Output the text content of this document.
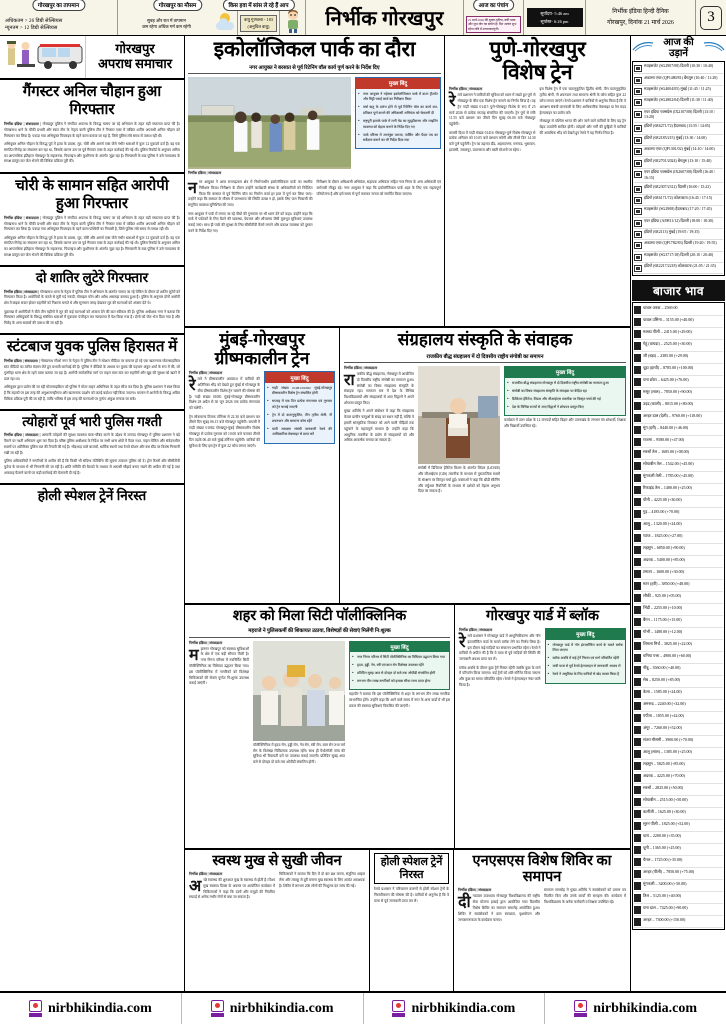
गोरखपुर का तापमान
अधिकतम > 26 डिग्री सेल्सियस
न्यूनतम > 12 डिग्री सेल्सियस
गोरखपुर का मौसम
सुबह और रात में तापमान
कम रहेगा अधिक गर्म कम रहेगी
किस हवा में सांस ले रहे हैं आप
वायु गुणवत्ता - 183
(अनुचित वायु)	निर्भीक गोरखपुर
आज का पंचांग
21 मार्च 2026 की शुक्ल तृतीया, वर्षी नक्षत्र और शुभ योग का संयोग है। दिन अत्यंत शुभ रहेगा रात्रि में उत्तराफाल्गुनी।
सूर्योदय- 5:46 am
सूर्यास्त- 6:26 pm
निर्भीक इंडिया हिन्दी दैनिक
गोरखपुर, दिनांक 21 मार्च 2026	3
गोरखपुर
अपराध समाचार
गैंगस्टर अनिल चौहान हुआ गिरफ्तार

निर्भीक इंडिया | संवाददाता | गोरखपुर पुलिस ने संगठित अपराध के विरुद्ध चलाए जा रहे अभियान के तहत बड़ी सफलता प्राप्त की है। गोरखनाथ थाने के चौकी प्रभारी और स्वाट टीम के नेतृत्व वाली पुलिस टीम ने गैंगस्टर एक्ट में वांछित शातिर अपराधी अनिल चौहान को गिरफ्तार कर लिया है। पकड़ा गया अभियुक्त पिपराइच के रहने वाला बताया जा रहा है, जिसे पुलिस लंबे समय से तलाश रही थी।

अभियुक्त अनिल चौहान के विरुद्ध पूर्व में हत्या के प्रयास, लूट, चोरी और आर्म्स एक्ट जैसे गंभीर धाराओं में कुल 12 मुकदमे दर्ज हैं। वह एक संगठित गिरोह का संचालन कर रहा था, जिसके कारण उस पर पूर्व गैंगस्टर एक्ट के तहत कार्रवाई की गई थी। पुलिस रिकॉर्ड के अनुसार अनिल का आपराधिक इतिहास गोरखपुर के सहजनवा, पिपराइच और कुशीनगर के अंतर्गत जुड़ा रहा है। गिरफ्तारी के बाद पुलिस ने उसे न्यायालय के समक्ष प्रस्तुत कर जेल भेजने की विधिक प्रक्रिया पूरी की।

चोरी के सामान सहित आरोपी हुआ गिरफ्तार

निर्भीक इंडिया | संवाददाता | गोरखपुर पुलिस ने संगठित अपराध के विरुद्ध चलाए जा रहे अभियान के तहत बड़ी सफलता प्राप्त की है। गोरखनाथ थाने के चौकी प्रभारी और स्वाट टीम के नेतृत्व वाली पुलिस टीम ने गैंगस्टर एक्ट में वांछित शातिर अपराधी अनिल चौहान को गिरफ्तार कर लिया है। पकड़ा गया अभियुक्त पिपराइच के रहने वाला पश्चिमी का निवासी है, जिसे पुलिस लंबे समय से तलाश रही थी।

अभियुक्त अनिल चौहान के विरुद्ध पूर्व में हत्या के प्रयास, लूट, चोरी और आर्म्स एक्ट जैसे गंभीर धाराओं में कुल 12 मुकदमे दर्ज हैं। वह एक संगठित गिरोह का संचालन कर रहा था, जिसके कारण उस पर पूर्व गैंगस्टर एक्ट के तहत कार्रवाई की गई थी। पुलिस रिकॉर्ड के अनुसार अनिल का आपराधिक इतिहास गोरखपुर के सहजनवा, पिपराइच और कुशीनगर के अंतर्गत जुड़ा रहा है। गिरफ्तारी के बाद पुलिस ने उसे न्यायालय के समक्ष प्रस्तुत कर जेल भेजने की विधिक प्रक्रिया पूरी की।

दो शातिर लुटेरे गिरफ्तार

निर्भीक इंडिया | संवाददाता | गोरखनाथ थाना के नेतृत्व में पुलिस टीम ने अभियान के अंतर्गत चलाए जा रहे चेकिंग के दौरान दो शातिर लुटेरों को गिरफ्तार किया है। आरोपियों के कब्जे से लूटी गई नकदी, मोबाइल फोन और अवैध असलहा बरामद हुआ है। पुलिस के अनुसार दोनों आरोपी क्षेत्र में बाइक सवार होकर राहगीरों को निशाना बनाते थे और सुनसान जगह देखकर लूट की घटनाओं को अंजाम देते थे।

पूछताछ में आरोपियों ने बीते तीन महीनों में लूट की कई घटनाओं को अंजाम देने की बात स्वीकार की है। पुलिस अधीक्षक नगर ने बताया कि गिरफ्तार अभियुक्तों के विरुद्ध संबंधित धाराओं में मुकदमा पंजीकृत कर न्यायालय में पेश किया गया है। दोनों को जेल भेज दिया गया है और गिरोह के अन्य सदस्यों की तलाश की जा रही है।

स्टंटबाज युवक पुलिस हिरासत में

निर्भीक इंडिया | संवाददाता | गोरखनाथ सीओ नगर के नेतृत्व में पुलिस टीम ने सोशल मीडिया पर वायरल हो रहे एक खतरनाक मोटरसाइकिल स्टंट वीडियो का त्वरित संज्ञान लेते हुए प्रभावी कार्रवाई की है। पुलिस ने वीडियो के आधार पर युवक की पहचान अंकुर शर्मा के रूप में की, जो गुलरिहा थाना क्षेत्र के रहने वाला बताया जा रहा है। आरोपी सार्वजनिक मार्ग पर वाहन चला स्टंट कर राहगीरों और खुद की सुरक्षा को खतरे में डाल रहा था।

अभियुक्त द्वारा प्रयोग की जा रही मोटरसाइकिल को पुलिस ने मोटर वाहन अधिनियम के तहत सीज कर दिया है। पुलिस प्रशासन ने स्पष्ट किया है कि सड़कों पर इस तरह की अनुशासनहीनता और खतरनाक प्रदर्शन को कतई बर्दाश्त नहीं किया जाएगा। चालान में आरोपी के विरुद्ध अग्रिम विधिक प्रक्रिया पूरी की जा रही है, ताकि भविष्य में इस तरह की घटनाओं पर पूर्णतः अंकुश लगाया जा सके।

त्योहारों पूर्व भारी पुलिस गश्ती

निर्भीक इंडिया | संवाददाता | आगामी त्योहारों की सुरक्षा व्यवस्था चाक-चौबंद करने के उद्देश्य से जनपद गोरखपुर में पुलिस प्रशासन ने बड़े पैमाने पर गश्ती अभियान शुरू कर दिया है। वरिष्ठ पुलिस अधीक्षक के निर्देश पर सभी थाना क्षेत्रों में पैदल गश्त, वाहन चेकिंग और संवेदनशील स्थानों पर अतिरिक्त पुलिस बल की तैनाती की गई है। भीड़भाड़ वाले बाजारों, धार्मिक स्थलों तथा रेलवे स्टेशन और बस स्टैंड पर विशेष निगरानी रखी जा रही है।

पुलिस अधिकारियों ने नागरिकों से अपील की है कि किसी भी संदिग्ध गतिविधि की सूचना तत्काल पुलिस को दें। ड्रोन कैमरों और सीसीटीवी फुटेज के माध्यम से भी निगरानी की जा रही है। शांति समिति की बैठकों के माध्यम से आपसी सौहार्द बनाए रखने की अपील की गई है तथा अफवाह फैलाने वालों पर कड़ी कार्रवाई की चेतावनी दी गई है।

होली स्पेशल ट्रेनें निरस्त
इकोलॉजिकल पार्क का दौरा
नगर आयुक्त ने बरसात से पूर्व रिटेनिंग वॉल कार्य पूर्ण करने के निर्देश दिए
निर्भीक इंडिया | संवाददाता
मुख्य बिंदु
● नगर आयुक्त ने महेसरा इकोलॉजिकल पार्क में वाटर ट्रीटमेंट और मिट्टी भराई कार्य का निरीक्षण किया
● वर्षा ऋतु के प्रारंभ होने से पूर्व रिटेनिंग वॉल का कार्य शत-प्रतिशत पूर्ण कराने की अधिशासी अभियंता को चेतावनी दी
● राष्ट्रपुरी इलाके पार्क में लगी मेड का सुदृढ़ीकरण और लाइटिंग व्यवस्था को बेहतर बनाने के निर्देश दिए गए
● पार्क परिसर में आगंतुक प्लाजा, पार्किंग और पैदल पथ का सर्वेक्षण कराने का भी निर्देश दिया गया

नगर आयुक्त ने आज रामगढ़ताल क्षेत्र में निर्माणाधीन इकोलॉजिकल पार्क का स्थलीय निरीक्षण किया। निरीक्षण के दौरान उन्होंने कार्यदायी संस्था के अधिकारियों को निर्देशित किया कि बरसात से पूर्व रिटेनिंग वॉल का निर्माण कार्य हर हाल में पूर्ण कर लिया जाए। उन्होंने कहा कि बरसात के मौसम में जलभराव की स्थिति उत्पन्न न हो, इसके लिए जल निकासी की समुचित व्यवस्था सुनिश्चित की जाए।

नगर आयुक्त ने पार्क में लगाए जा रहे पौधों की गुणवत्ता पर भी ध्यान देने को कहा। उन्होंने कहा कि पार्क में पर्यटकों के लिए बैठने की व्यवस्था, पेयजल और शौचालय जैसी मूलभूत सुविधाएं उपलब्ध कराई जाएं। साथ ही पार्क की सुरक्षा के लिए सीसीटीवी कैमरे लगाने और प्रकाश व्यवस्था को दुरुस्त करने के निर्देश दिए गए।

निरीक्षण के दौरान अधिशासी अभियंता, सहायक अभियंता सहित नगर निगम के अन्य अधिकारी एवं कर्मचारी मौजूद रहे। नगर आयुक्त ने कहा कि इकोलॉजिकल पार्क शहर के लिए एक महत्वपूर्ण परियोजना है और इसे समय से पूर्ण कराकर जनता को समर्पित किया जाएगा।

पुणे-गोरखपुर
विशेष ट्रेन
निर्भीक इंडिया | संवाददाता

रेलवे प्रशासन ने यात्रियों की सुविधा को ध्यान में रखते हुए पुणे से गोरखपुर के बीच एक विशेष ट्रेन चलाने का निर्णय लिया है। यह ट्रेन गाड़ी संख्या 01415 पुणे-गोरखपुर विशेष के रूप में 25 मार्च 2026 से प्रत्येक सप्ताह संचालित की जाएगी। ट्रेन पुणे से रात्रि 11.55 बजे प्रस्थान कर तीसरे दिन सुबह 06.00 बजे गोरखपुर पहुंचेगी।

वापसी दिशा में गाड़ी संख्या 01416 गोरखपुर-पुणे विशेष गोरखपुर से प्रत्येक शनिवार को 10.05 बजे प्रस्थान करेगी और तीसरे दिन 14.30 बजे पुणे पहुंचेगी। ट्रेन का ठहराव दौंड, अहमदनगर, मनमाड, भुसावल, इटारसी, जबलपुर, प्रयागराज और बस्ती स्टेशनों पर रहेगा।

इस विशेष ट्रेन में एक वातानुकूलित द्वितीय श्रेणी, तीन वातानुकूलित तृतीय श्रेणी, नौ शयनयान तथा सामान्य श्रेणी के कोच सहित कुल 22 कोच लगाए जाएंगे। रेलवे प्रशासन ने यात्रियों से अनुरोध किया है कि वे आरक्षण संबंधी जानकारी के लिए आधिकारिक वेबसाइट या रेल मदद हेल्पलाइन का प्रयोग करें।

गोरखपुर से पश्चिम भारत की ओर जाने वाले यात्रियों के लिए यह ट्रेन बेहद उपयोगी साबित होगी। त्योहारों और गर्मी की छुट्टियों में यात्रियों की अत्यधिक भीड़ को देखते हुए रेलवे ने यह निर्णय लिया है।

मुंबई-गोरखपुर
ग्रीष्मकालीन ट्रेन
निर्भीक इंडिया | संवाददाता

रेलवे ने ग्रीष्मकालीन अवकाश में यात्रियों की अतिरिक्त भीड़ को देखते हुए मुंबई से गोरखपुर के बीच ग्रीष्मकालीन विशेष ट्रेन चलाने की घोषणा की है। गाड़ी संख्या 01081 मुंबई-गोरखपुर ग्रीष्मकालीन विशेष 28 अप्रैल से 30 जून 2026 तक प्रत्येक मंगलवार को चलेगी।

ट्रेन लोकमान्य तिलक टर्मिनस से 22.30 बजे प्रस्थान कर तीसरे दिन सुबह 06.15 बजे गोरखपुर पहुंचेगी। वापसी में गाड़ी संख्या 01082 गोरखपुर-मुंबई ग्रीष्मकालीन विशेष गोरखपुर से प्रत्येक गुरुवार को 10.00 बजे चलकर तीसरे दिन तड़के 00.40 बजे मुंबई टर्मिनस पहुंचेगी। यात्रियों की सुविधा के लिए इस ट्रेन में कुल 22 कोच लगाए जाएंगे।

मुख्य बिंदु
● गाड़ी संख्या 01081/01082 मुंबई-गोरखपुर ग्रीष्मकालीन विशेष ट्रेन संचालित होगी
● सप्ताह में एक दिन प्रत्येक मंगलवार एवं गुरुवार को ट्रेन चलाई जाएगी
● ट्रेन में दो वातानुकूलित, तीन तृतीय श्रेणी, नौ शयनयान और सामान्य कोच रहेंगे
● यात्री आरक्षण संबंधी जानकारी रेलवे की आधिकारिक वेबसाइट से प्राप्त करें
संग्रहालय संस्कृति के संवाहक
राजकीय बौद्ध संग्रहालय में दो दिवसीय राष्ट्रीय संगोष्ठी का समापन
निर्भीक इंडिया | संवाददाता

राजकीय बौद्ध संग्रहालय, गोरखपुर में आयोजित दो दिवसीय राष्ट्रीय संगोष्ठी का समापन हुआ। संगोष्ठी का विषय संग्रहालय संस्कृति के संवाहक रहा। समापन सत्र में देश के विभिन्न विश्वविद्यालयों और संग्रहालयों से आए विद्वानों ने अपने शोधपत्र प्रस्तुत किए।

मुख्य अतिथि ने अपने संबोधन में कहा कि संग्रहालय केवल प्राचीन वस्तुओं के संग्रह का स्थान नहीं हैं, बल्कि वे हमारी सांस्कृतिक विरासत को आने वाली पीढ़ियों तक पहुंचाने के महत्वपूर्ण माध्यम हैं। उन्होंने कहा कि आधुनिक तकनीक के प्रयोग से संग्रहालयों को और अधिक आकर्षक बनाया जा सकता है।

संगोष्ठी में डिजिटल हेरिटेज मिशन के अंतर्गत लिडार (LiDAR) और जीआईएस (GIS) तकनीक के माध्यम से पुरातात्विक स्थलों के संरक्षण पर विस्तृत चर्चा हुई। वक्ताओं ने कहा कि थ्रीडी स्कैनिंग और वर्चुअल रियलिटी के माध्यम से दर्शकों को बेहतर अनुभव दिया जा सकता है।

मुख्य बिंदु
● राजकीय बौद्ध संग्रहालय गोरखपुर में दो दिवसीय राष्ट्रीय संगोष्ठी का समापन हुआ
● संगोष्ठी का विषय संग्रहालय संस्कृति के संवाहक पर केंद्रित रहा
● डिजिटल हेरिटेज, लिडार और जीआईएस तकनीक पर विस्तृत चर्चा की गई
● देश के विभिन्न राज्यों से आए विद्वानों ने शोधपत्र प्रस्तुत किए

कार्यक्रम में उत्तर प्रदेश के 12 जनपदों सहित बिहार और उत्तराखंड के लगभग 80 शोधार्थी, शिक्षक और विद्यार्थी उपस्थित रहे।

शहर को मिला सिटी पॉलीक्लिनिक
महराजे ने पुलिसकर्मी की शिकायत उठाया, विशेषज्ञों की सेवाएं मिलेंगी नि:शुल्क
निर्भीक इंडिया | संवाददाता

महानगर गोरखपुर को स्वास्थ्य सुविधाओं के क्षेत्र में एक बड़ी सौगात मिली है। नगर निगम परिसर में नवनिर्मित सिटी पॉलीक्लिनिक का विधिवत उद्घाटन किया गया। इस पॉलीक्लिनिक में नागरिकों को विशेषज्ञ चिकित्सकों की सेवाएं पूर्णतः नि:शुल्क उपलब्ध कराई जाएंगी।

पॉलीक्लिनिक में हृदय रोग, हड्डी रोग, नेत्र रोग, स्त्री रोग, बाल रोग तथा चर्म रोग के विशेषज्ञ चिकित्सक उपलब्ध रहेंगे। साथ ही पैथोलॉजी जांच की सुविधा भी रियायती दरों पर उपलब्ध कराई जाएगी। प्रतिदिन सुबह आठ बजे से दोपहर दो बजे तक ओपीडी संचालित होगी।

मुख्य बिंदु
● नगर निगम परिसर में सिटी पॉलीक्लिनिक का विधिवत उद्घाटन किया गया
● हृदय, हड्डी, नेत्र, स्त्री एवं बाल रोग विशेषज्ञ उपलब्ध रहेंगे
● प्रतिदिन सुबह आठ से दोपहर दो बजे तक ओपीडी संचालित होगी
● लगभग तीन लाख नागरिकों को इसका सीधा लाभ प्राप्त होगा

महापौर ने बताया कि इस पॉलीक्लिनिक से शहर के लगभग तीन लाख नागरिक लाभान्वित होंगे। उन्होंने कहा कि आने वाले समय में नगर के अन्य वार्डों में भी इस प्रकार की स्वास्थ्य सुविधाएं विकसित की जाएंगी।

गोरखपुर यार्ड में ब्लॉक
निर्भीक इंडिया | संवाददाता

रेलवे प्रशासन ने गोरखपुर यार्ड में आधुनिकीकरण और नॉन इंटरलॉकिंग कार्य के चलते ब्लॉक लेने का निर्णय लिया है। इस दौरान कई गाड़ियों का संचालन प्रभावित रहेगा। रेलवे ने यात्रियों से अपील की है कि वे यात्रा से पूर्व गाड़ियों की स्थिति की जानकारी अवश्य प्राप्त कर लें।

ब्लॉक अवधि के दौरान कुछ ट्रेनें निरस्त रहेंगी जबकि कुछ के मार्ग में परिवर्तन किया जाएगा। कई ट्रेनों को शॉर्ट-टर्मिनेट किया जाएगा और कुछ का समय परिवर्तित रहेगा। रेलवे ने हेल्पलाइन नंबर जारी किया है।

मुख्य बिंदु
● गोरखपुर यार्ड में नॉन इंटरलॉकिंग कार्य के चलते ब्लॉक लिया जाएगा
● ब्लॉक अवधि में कई ट्रेनें निरस्त एवं मार्ग परिवर्तित रहेंगी
● यात्री यात्रा से पूर्व रेलवे हेल्पलाइन से जानकारी अवश्य लें
● रेलवे ने असुविधा के लिए यात्रियों से खेद व्यक्त किया है
स्वस्थ मुख से सुखी जीवन
निर्भीक इंडिया | संवाददाता

अच्छे स्वास्थ्य की शुरुआत मुख के स्वास्थ्य से होती है। विश्व मुख स्वास्थ्य दिवस के अवसर पर आयोजित कार्यक्रम में चिकित्सकों ने कहा कि दांतों और मसूड़ों की नियमित सफाई से अनेक गंभीर रोगों से बचा जा सकता है।

चिकित्सकों ने बताया कि दिन में दो बार ब्रश करना, संतुलित आहार लेना और तंबाकू से दूरी बनाना मुख स्वास्थ्य के लिए अत्यंत आवश्यक है। शिविर में लगभग 200 लोगों की निःशुल्क दंत जांच की गई।

होली स्पेशल ट्रेनें
निरस्त

रेलवे प्रशासन ने परिचालन कारणों से होली स्पेशल ट्रेनों के निरस्तीकरण की घोषणा की है। यात्रियों से अनुरोध है कि वे यात्रा से पूर्व जानकारी प्राप्त कर लें।

एनएसएस विशेष शिविर का समापन
निर्भीक इंडिया | संवाददाता

दीनदयाल उपाध्याय गोरखपुर विश्वविद्यालय की राष्ट्रीय सेवा योजना इकाई द्वारा आयोजित सात दिवसीय विशेष शिविर का समापन समारोह आयोजित हुआ। शिविर में स्वयंसेवकों ने ग्राम स्वच्छता, वृक्षारोपण और जनजागरूकता के कार्यक्रम चलाए।

समापन समारोह में मुख्य अतिथि ने स्वयंसेवकों को प्रमाण पत्र वितरित किए और उनके कार्यों की सराहना की। कार्यक्रम में विश्वविद्यालय के अनेक कर्मचारी व शिक्षक उपस्थित रहे।

आज की
उड़ानें
स्पाइसजेट (SG2907/08) दिल्ली (10:30 / 10:40)
अकासा एयर (QP1480/81) बेंगलुरु (10:40 / 11:20)
स्पाइसजेट (SG4004/05) मुंबई (11:45 / 11:25)
स्पाइसजेट (SG2802/04) दिल्ली (11:30 / 11:40)
एयर इंडिया एक्सप्रेस (IX2107/08) दिल्ली (13:10 / 13:20)
इंडिगो (6E6271/72) हैदराबाद (13:55 / 14:05)
इंडिगो (6E2185/215) मुंबई (13:30 / 14:00)
अकासा एयर (QP1301/02) मुंबई (14:10 / 14:00)
इंडिगो (6E2701/2024) बेंगलुरु (13:10 / 15:40)
एयर इंडिया एक्सप्रेस (IX2607/08) दिल्ली (16:40 / 16:15)
इंडिगो (6E2307/2312) दिल्ली (16:00 / 15:22)
इंडिगो (6E6171/72) कोलकाता (16:45 / 17:15)
स्पाइसजेट (SG2908) हैदराबाद (17:20 / 17:45)
एयर इंडिया (AI9811/12) दिल्ली (18:00 / 18:30)
इंडिगो (6E2113) मुंबई (19:05 / 19:35)
अकासा एयर (QP1782/83) दिल्ली (19:20 / 19:55)
स्पाइसजेट (SG3717/18) दिल्ली (20:10 / 20:40)
इंडिगो (6E2217/2218) कोलकाता (21:05 / 21:35)
बाजार भाव
चावल अरवा – 2569.00
चावल उसिना – 3155.00 (+40.00)
मक्का पीली – 2415.00 (+29.00)
गेहूं (वायदा) – 2525.00 (+30.00)
जौ (बड़ा) – 2385.00 (+29.00)
चूड़ा (हाथी) – 8785.00 (+100.00)
चना छोटा – 6425.00 (+76.00)
मसूर (लाल) – 7850.00 (+90.00)
उड़द (काली) – 8015.00 (+80.00)
अरहर दाल (देशी) – 9760.00 (+118.00)
मूंग (हरी) – 8440.00 (+46.00)
राजमा – 9580.00 (+47.00)
सरसों तेल – 1685.00 (+08.00)
सोयाबीन तेल – 1542.00 (+45.00)
मूंगफली तेली – 1785.00 (+45.00)
रिफाइंड तेल – 1480.00 (+25.00)
चीनी – 4225.00 (+30.00)
गुड़ – 4185.00 (+70.00)
आलू – 1320.00 (+24.00)
प्याज – 1825.00 (+27.00)
लहसुन – 6850.00 (+90.00)
अदरक – 5400.00 (+85.00)
टमाटर – 1600.00 (+30.00)
मटर (हरी) – 3850.00 (+48.00)
लौकी – 925.00 (+05.00)
भिंडी – 2255.00 (+10.00)
बैंगन – 1175.00 (+15.00)
गोभी – 1480.00 (+12.00)
शिमला मिर्च – 3825.00 (+22.00)
धनिया पत्ता – 4900.00 (+60.00)
नींबू – 3560.00 (+40.00)
सेब – 8250.00 (+85.00)
केला – 1585.00 (+24.00)
अमरूद – 2240.00 (+32.00)
पपीता – 1855.00 (+42.00)
अंगूर – 7260.00 (+52.00)
संतरा मौसमी – 3900.00 (+70.00)
आलू (लाल) – 1385.00 (+25.00)
लहसुन – 5825.00 (+85.00)
अदरक – 4225.00 (+70.00)
सरसों – 2825.00 (+50.00)
सोयाबीन – 2515.00 (+50.00)
कलौंजी – 1625.00 (+30.00)
सूरन पीली – 1825.00 (+52.00)
चाय – 2200.00 (+35.00)
चूनी – 1365.00 (+25.00)
चैनल – 1725.00 (+35.00)
अरहर (पीली) – 7850.00 (+75.00)
मूंगफली – 3200.00 (+50.00)
तिल – 5125.00 (+40.00)
चना दाल – 7425.00 (+90.00)
अरहर – 7300.00 (+150.00)
nirbhikindia.com	nirbhikindia.com	nirbhikindia.com	nirbhikindia.com
